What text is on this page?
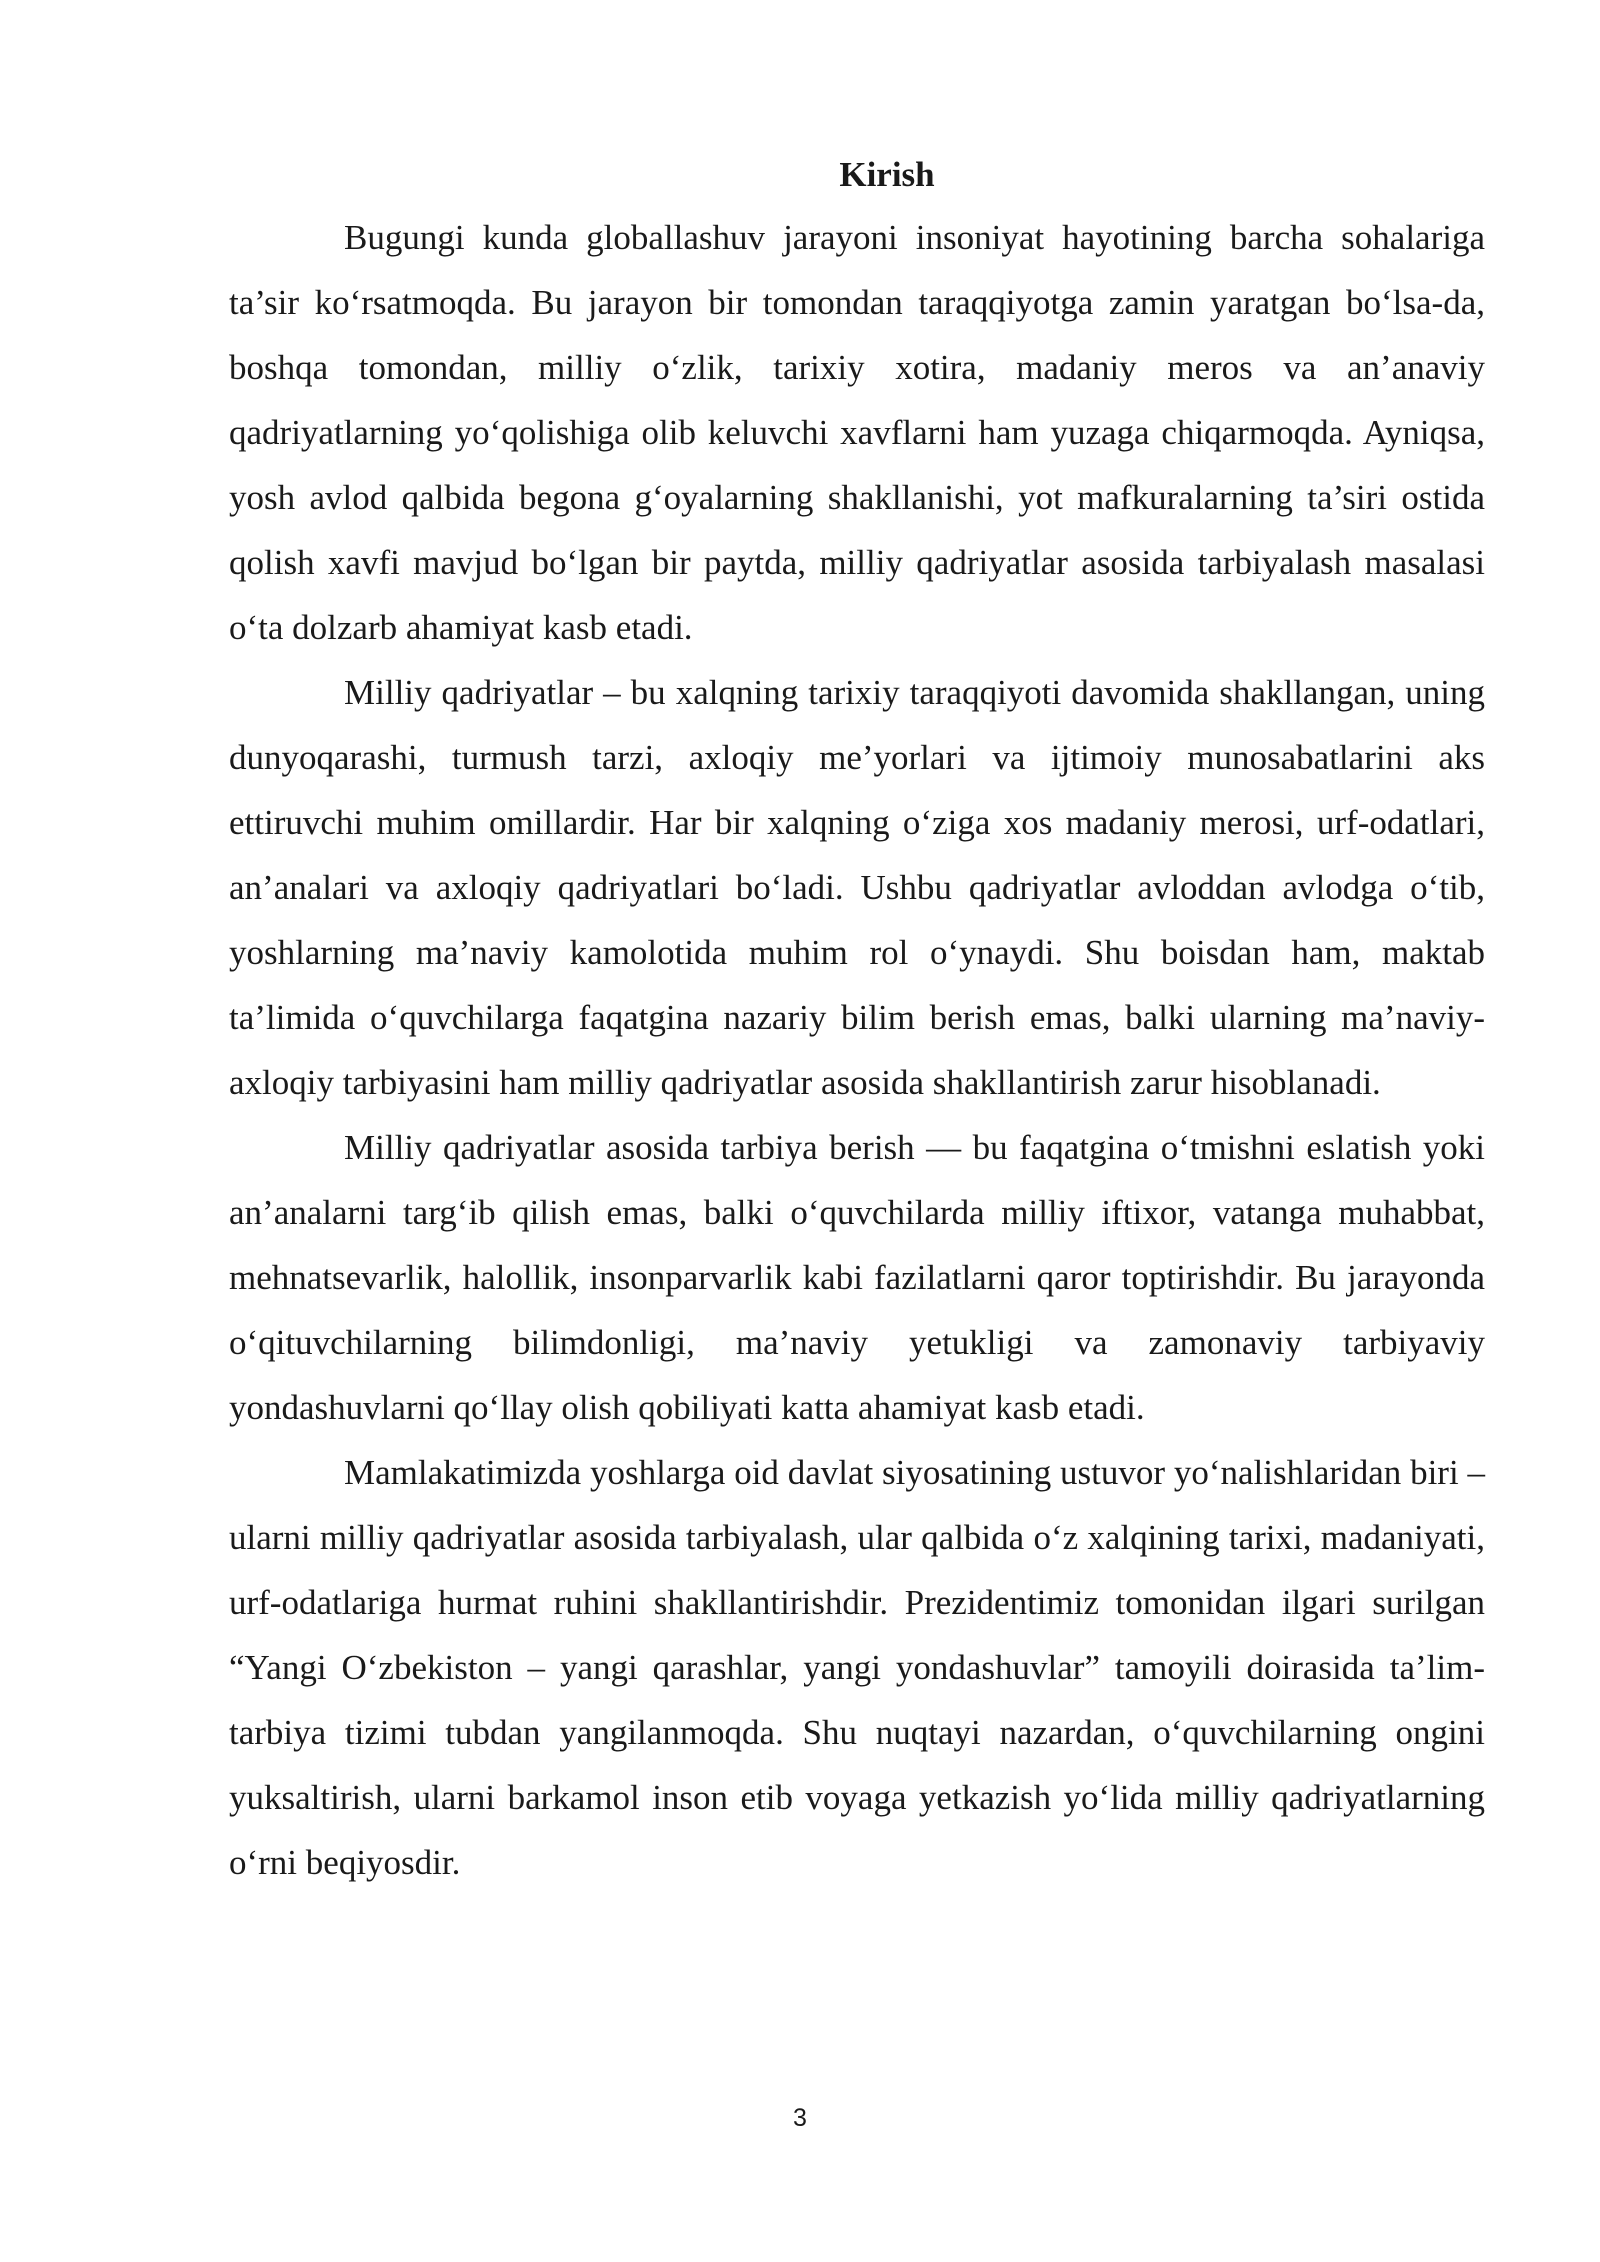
Kirish

Bugungi kunda globallashuv jarayoni insoniyat hayotining barcha sohalariga ta’sir ko‘rsatmoqda. Bu jarayon bir tomondan taraqqiyotga zamin yaratgan bo‘lsa-da, boshqa tomondan, milliy o‘zlik, tarixiy xotira, madaniy meros va an’anaviy qadriyatlarning yo‘qolishiga olib keluvchi xavflarni ham yuzaga chiqarmoqda. Ayniqsa, yosh avlod qalbida begona g‘oyalarning shakllanishi, yot mafkuralarning ta’siri ostida qolish xavfi mavjud bo‘lgan bir paytda, milliy qadriyatlar asosida tarbiyalash masalasi o‘ta dolzarb ahamiyat kasb etadi.

Milliy qadriyatlar – bu xalqning tarixiy taraqqiyoti davomida shakllangan, uning dunyoqarashi, turmush tarzi, axloqiy me’yorlari va ijtimoiy munosabatlarini aks ettiruvchi muhim omillardir. Har bir xalqning o‘ziga xos madaniy merosi, urf-odatlari, an’analari va axloqiy qadriyatlari bo‘ladi. Ushbu qadriyatlar avloddan avlodga o‘tib, yoshlarning ma’naviy kamolotida muhim rol o‘ynaydi. Shu boisdan ham, maktab ta’limida o‘quvchilarga faqatgina nazariy bilim berish emas, balki ularning ma’naviy-axloqiy tarbiyasini ham milliy qadriyatlar asosida shakllantirish zarur hisoblanadi.

Milliy qadriyatlar asosida tarbiya berish — bu faqatgina o‘tmishni eslatish yoki an’analarni targ‘ib qilish emas, balki o‘quvchilarda milliy iftixor, vatanga muhabbat, mehnatsevarlik, halollik, insonparvarlik kabi fazilatlarni qaror toptirishdir. Bu jarayonda o‘qituvchilarning bilimdonligi, ma’naviy yetukligi va zamonaviy tarbiyaviy yondashuvlarni qo‘llay olish qobiliyati katta ahamiyat kasb etadi.

Mamlakatimizda yoshlarga oid davlat siyosatining ustuvor yo‘nalishlaridan biri – ularni milliy qadriyatlar asosida tarbiyalash, ular qalbida o‘z xalqining tarixi, madaniyati, urf-odatlariga hurmat ruhini shakllantirishdir. Prezidentimiz tomonidan ilgari surilgan “Yangi O‘zbekiston – yangi qarashlar, yangi yondashuvlar” tamoyili doirasida ta’lim-tarbiya tizimi tubdan yangilanmoqda. Shu nuqtayi nazardan, o‘quvchilarning ongini yuksaltirish, ularni barkamol inson etib voyaga yetkazish yo‘lida milliy qadriyatlarning o‘rni beqiyosdir.

3
